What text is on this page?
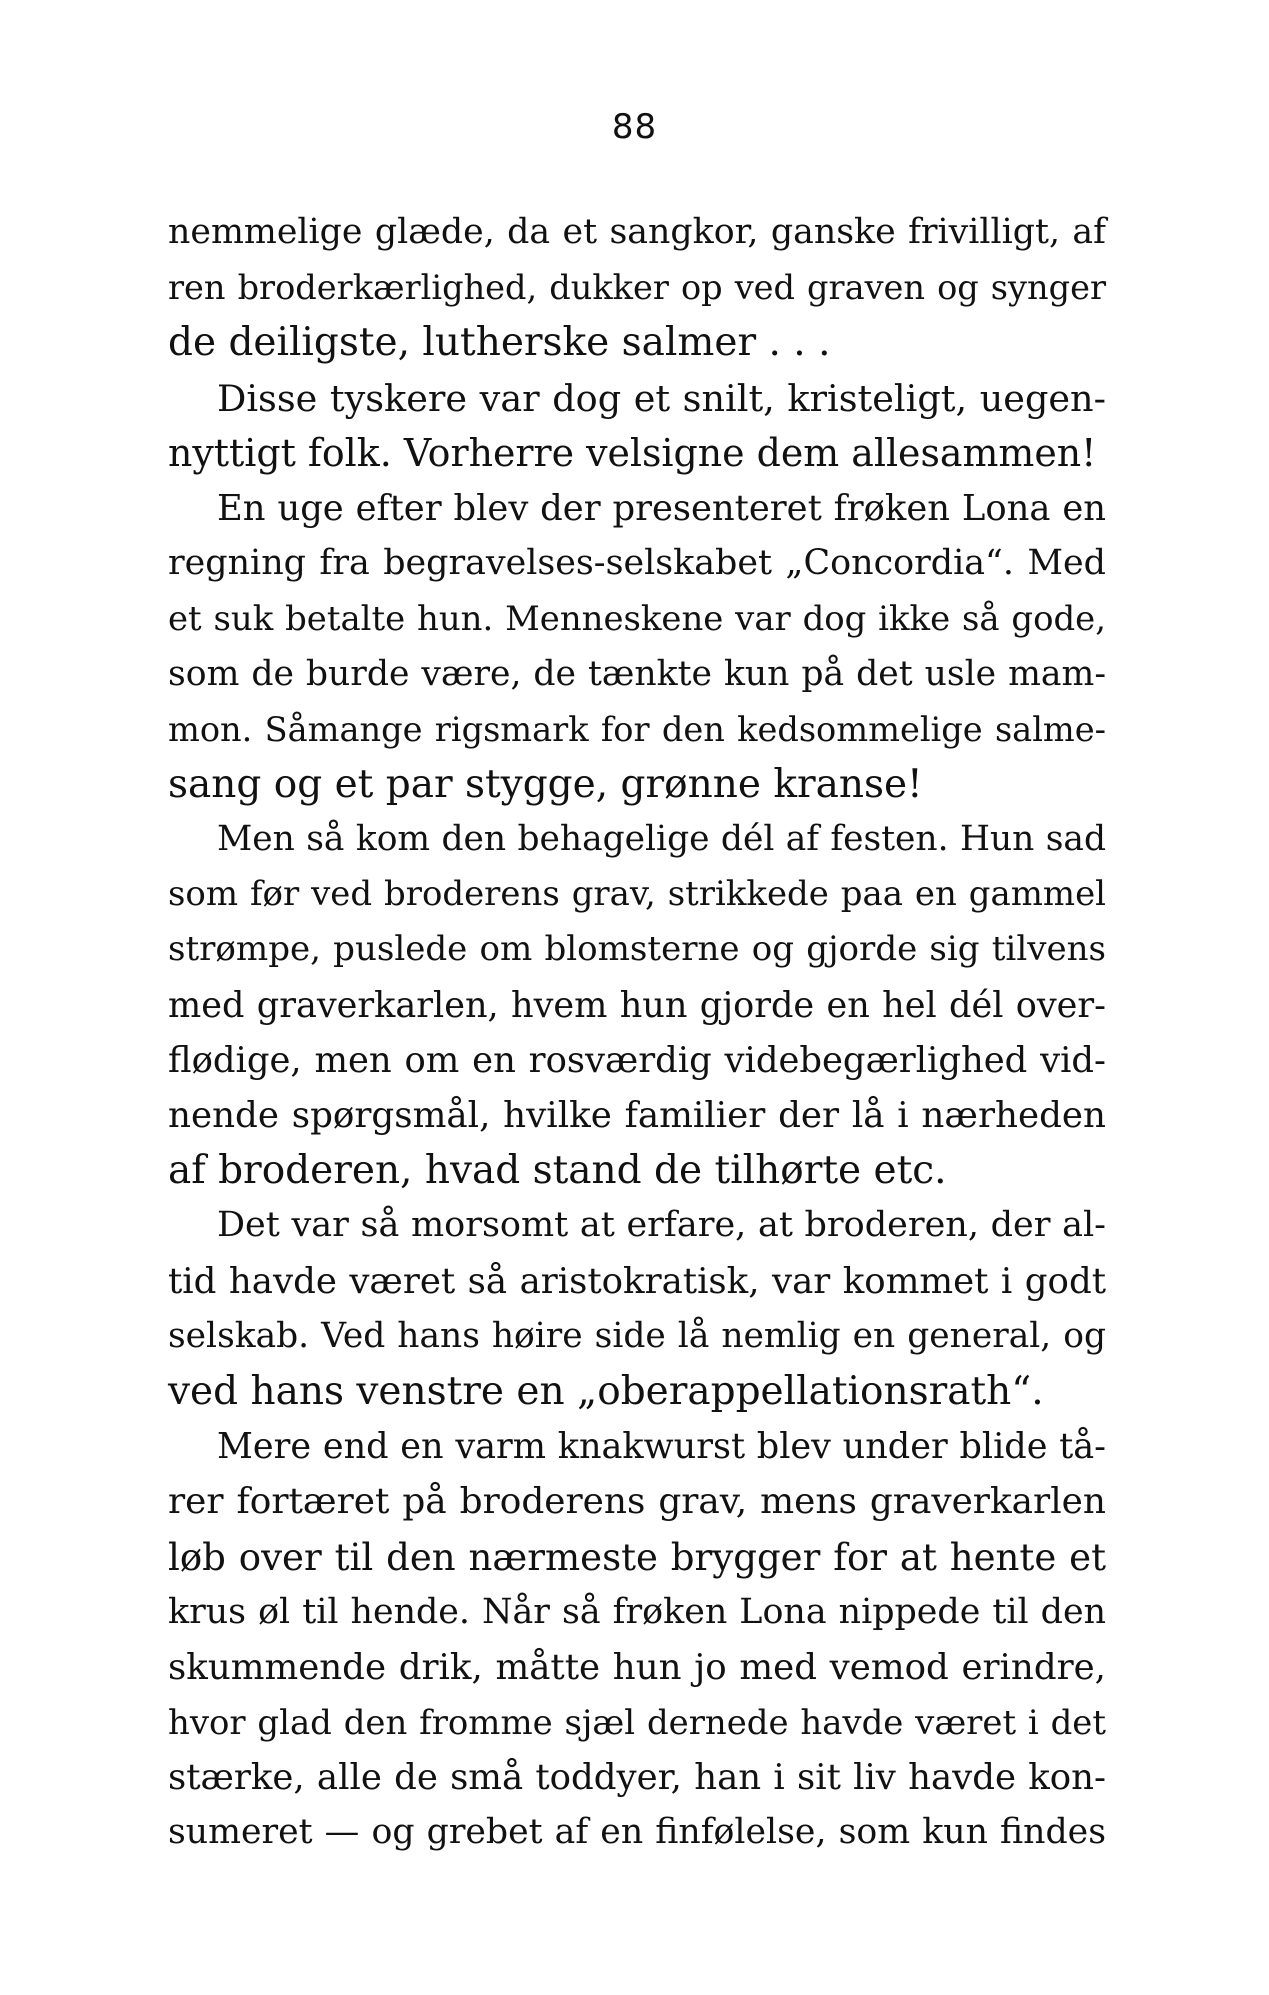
88
nemmelige glæde, da et sangkor, ganske frivilligt, af
ren broderkærlighed, dukker op ved graven og synger
de deiligste, lutherske salmer . . .
Disse tyskere var dog et snilt, kristeligt, uegen-
nyttigt folk. Vorherre velsigne dem allesammen!
En uge efter blev der presenteret frøken Lona en
regning fra begravelses-selskabet „Concordia“. Med
et suk betalte hun. Menneskene var dog ikke så gode,
som de burde være, de tænkte kun på det usle mam-
mon. Såmange rigsmark for den kedsommelige salme-
sang og et par stygge, grønne kranse!
Men så kom den behagelige dél af festen. Hun sad
som før ved broderens grav, strikkede paa en gammel
strømpe, puslede om blomsterne og gjorde sig tilvens
med graverkarlen, hvem hun gjorde en hel dél over-
flødige, men om en rosværdig videbegærlighed vid-
nende spørgsmål, hvilke familier der lå i nærheden
af broderen, hvad stand de tilhørte etc.
Det var så morsomt at erfare, at broderen, der al-
tid havde været så aristokratisk, var kommet i godt
selskab. Ved hans høire side lå nemlig en general, og
ved hans venstre en „oberappellationsrath“.
Mere end en varm knakwurst blev under blide tå-
rer fortæret på broderens grav, mens graverkarlen
løb over til den nærmeste brygger for at hente et
krus øl til hende. Når så frøken Lona nippede til den
skummende drik, måtte hun jo med vemod erindre,
hvor glad den fromme sjæl dernede havde været i det
stærke, alle de små toddyer, han i sit liv havde kon-
sumeret — og grebet af en finfølelse, som kun findes
